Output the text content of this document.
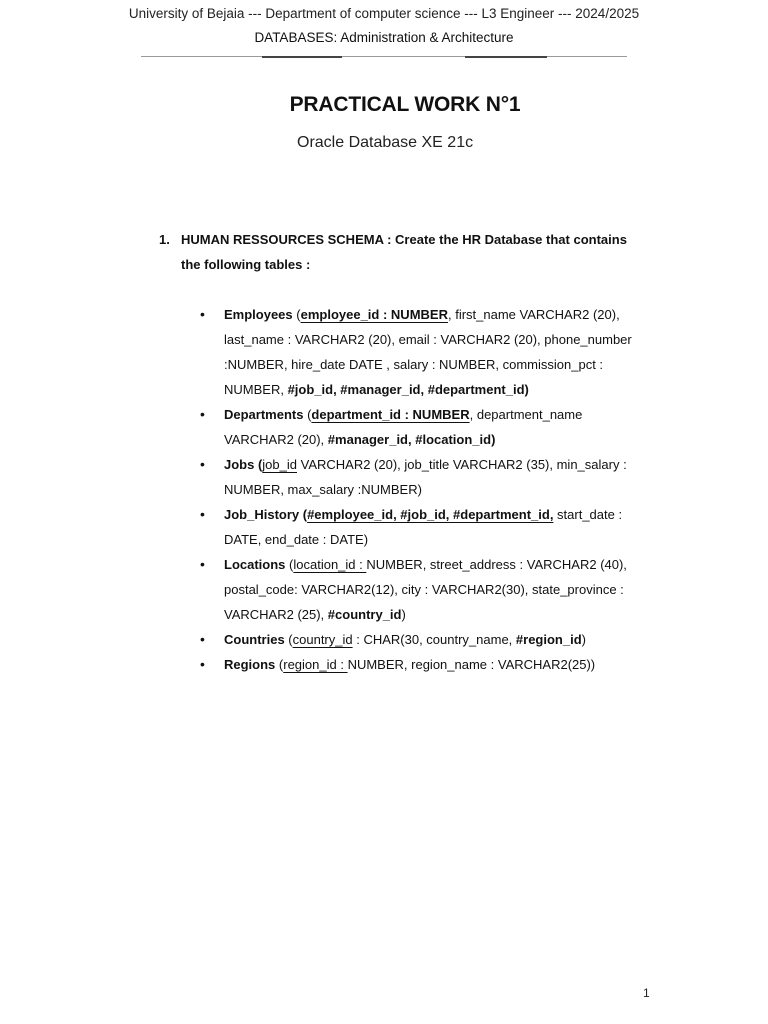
University of Bejaia --- Department of computer science --- L3 Engineer --- 2024/2025
DATABASES: Administration & Architecture
PRACTICAL WORK N°1
Oracle Database XE 21c
1. HUMAN RESSOURCES SCHEMA : Create the HR Database that contains the following tables :
• Employees (employee_id : NUMBER, first_name VARCHAR2 (20), last_name : VARCHAR2 (20), email : VARCHAR2 (20), phone_number :NUMBER, hire_date DATE , salary : NUMBER, commission_pct : NUMBER, #job_id, #manager_id, #department_id)
• Departments (department_id : NUMBER, department_name VARCHAR2 (20), #manager_id, #location_id)
• Jobs (job_id VARCHAR2 (20), job_title VARCHAR2 (35), min_salary : NUMBER, max_salary :NUMBER)
• Job_History (#employee_id, #job_id, #department_id, start_date : DATE, end_date : DATE)
• Locations (location_id : NUMBER, street_address : VARCHAR2 (40), postal_code: VARCHAR2(12), city : VARCHAR2(30), state_province : VARCHAR2 (25), #country_id)
• Countries (country_id : CHAR(30, country_name, #region_id)
• Regions (region_id : NUMBER, region_name : VARCHAR2(25))
1
